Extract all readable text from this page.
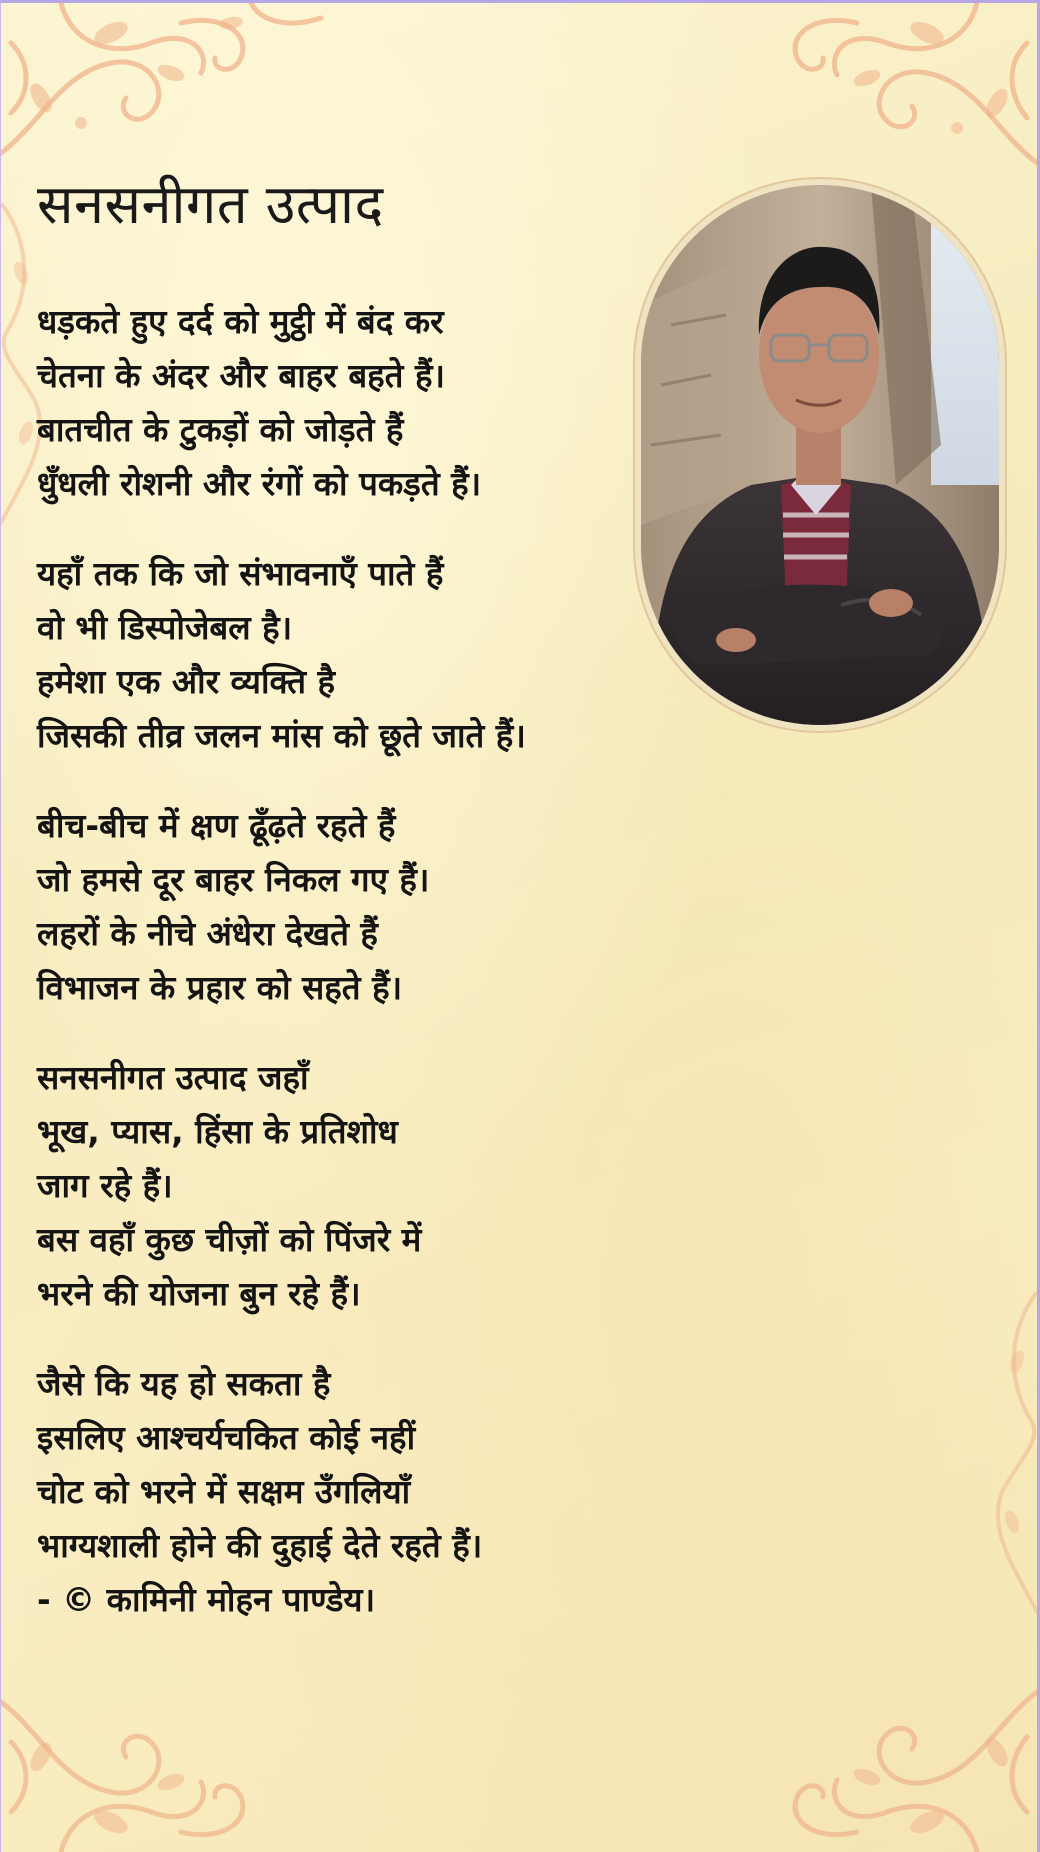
सनसनीगत उत्पाद
धड़कते हुए दर्द को मुट्ठी में बंद कर
चेतना के अंदर और बाहर बहते हैं।
बातचीत के टुकड़ों को जोड़ते हैं
धुँधली रोशनी और रंगों को पकड़ते हैं।
यहाँ तक कि जो संभावनाएँ पाते हैं
वो भी डिस्पोजेबल है।
हमेशा एक और व्यक्ति है
जिसकी तीव्र जलन मांस को छूते जाते हैं।
बीच-बीच में क्षण ढूँढ़ते रहते हैं
जो हमसे दूर बाहर निकल गए हैं।
लहरों के नीचे अंधेरा देखते हैं
विभाजन के प्रहार को सहते हैं।
सनसनीगत उत्पाद जहाँ
भूख, प्यास, हिंसा के प्रतिशोध
जाग रहे हैं।
बस वहाँ कुछ चीज़ों को पिंजरे में
भरने की योजना बुन रहे हैं।
जैसे कि यह हो सकता है
इसलिए आश्चर्यचकित कोई नहीं
चोट को भरने में सक्षम उँगलियाँ
भाग्यशाली होने की दुहाई देते रहते हैं।
- © कामिनी मोहन पाण्डेय।
